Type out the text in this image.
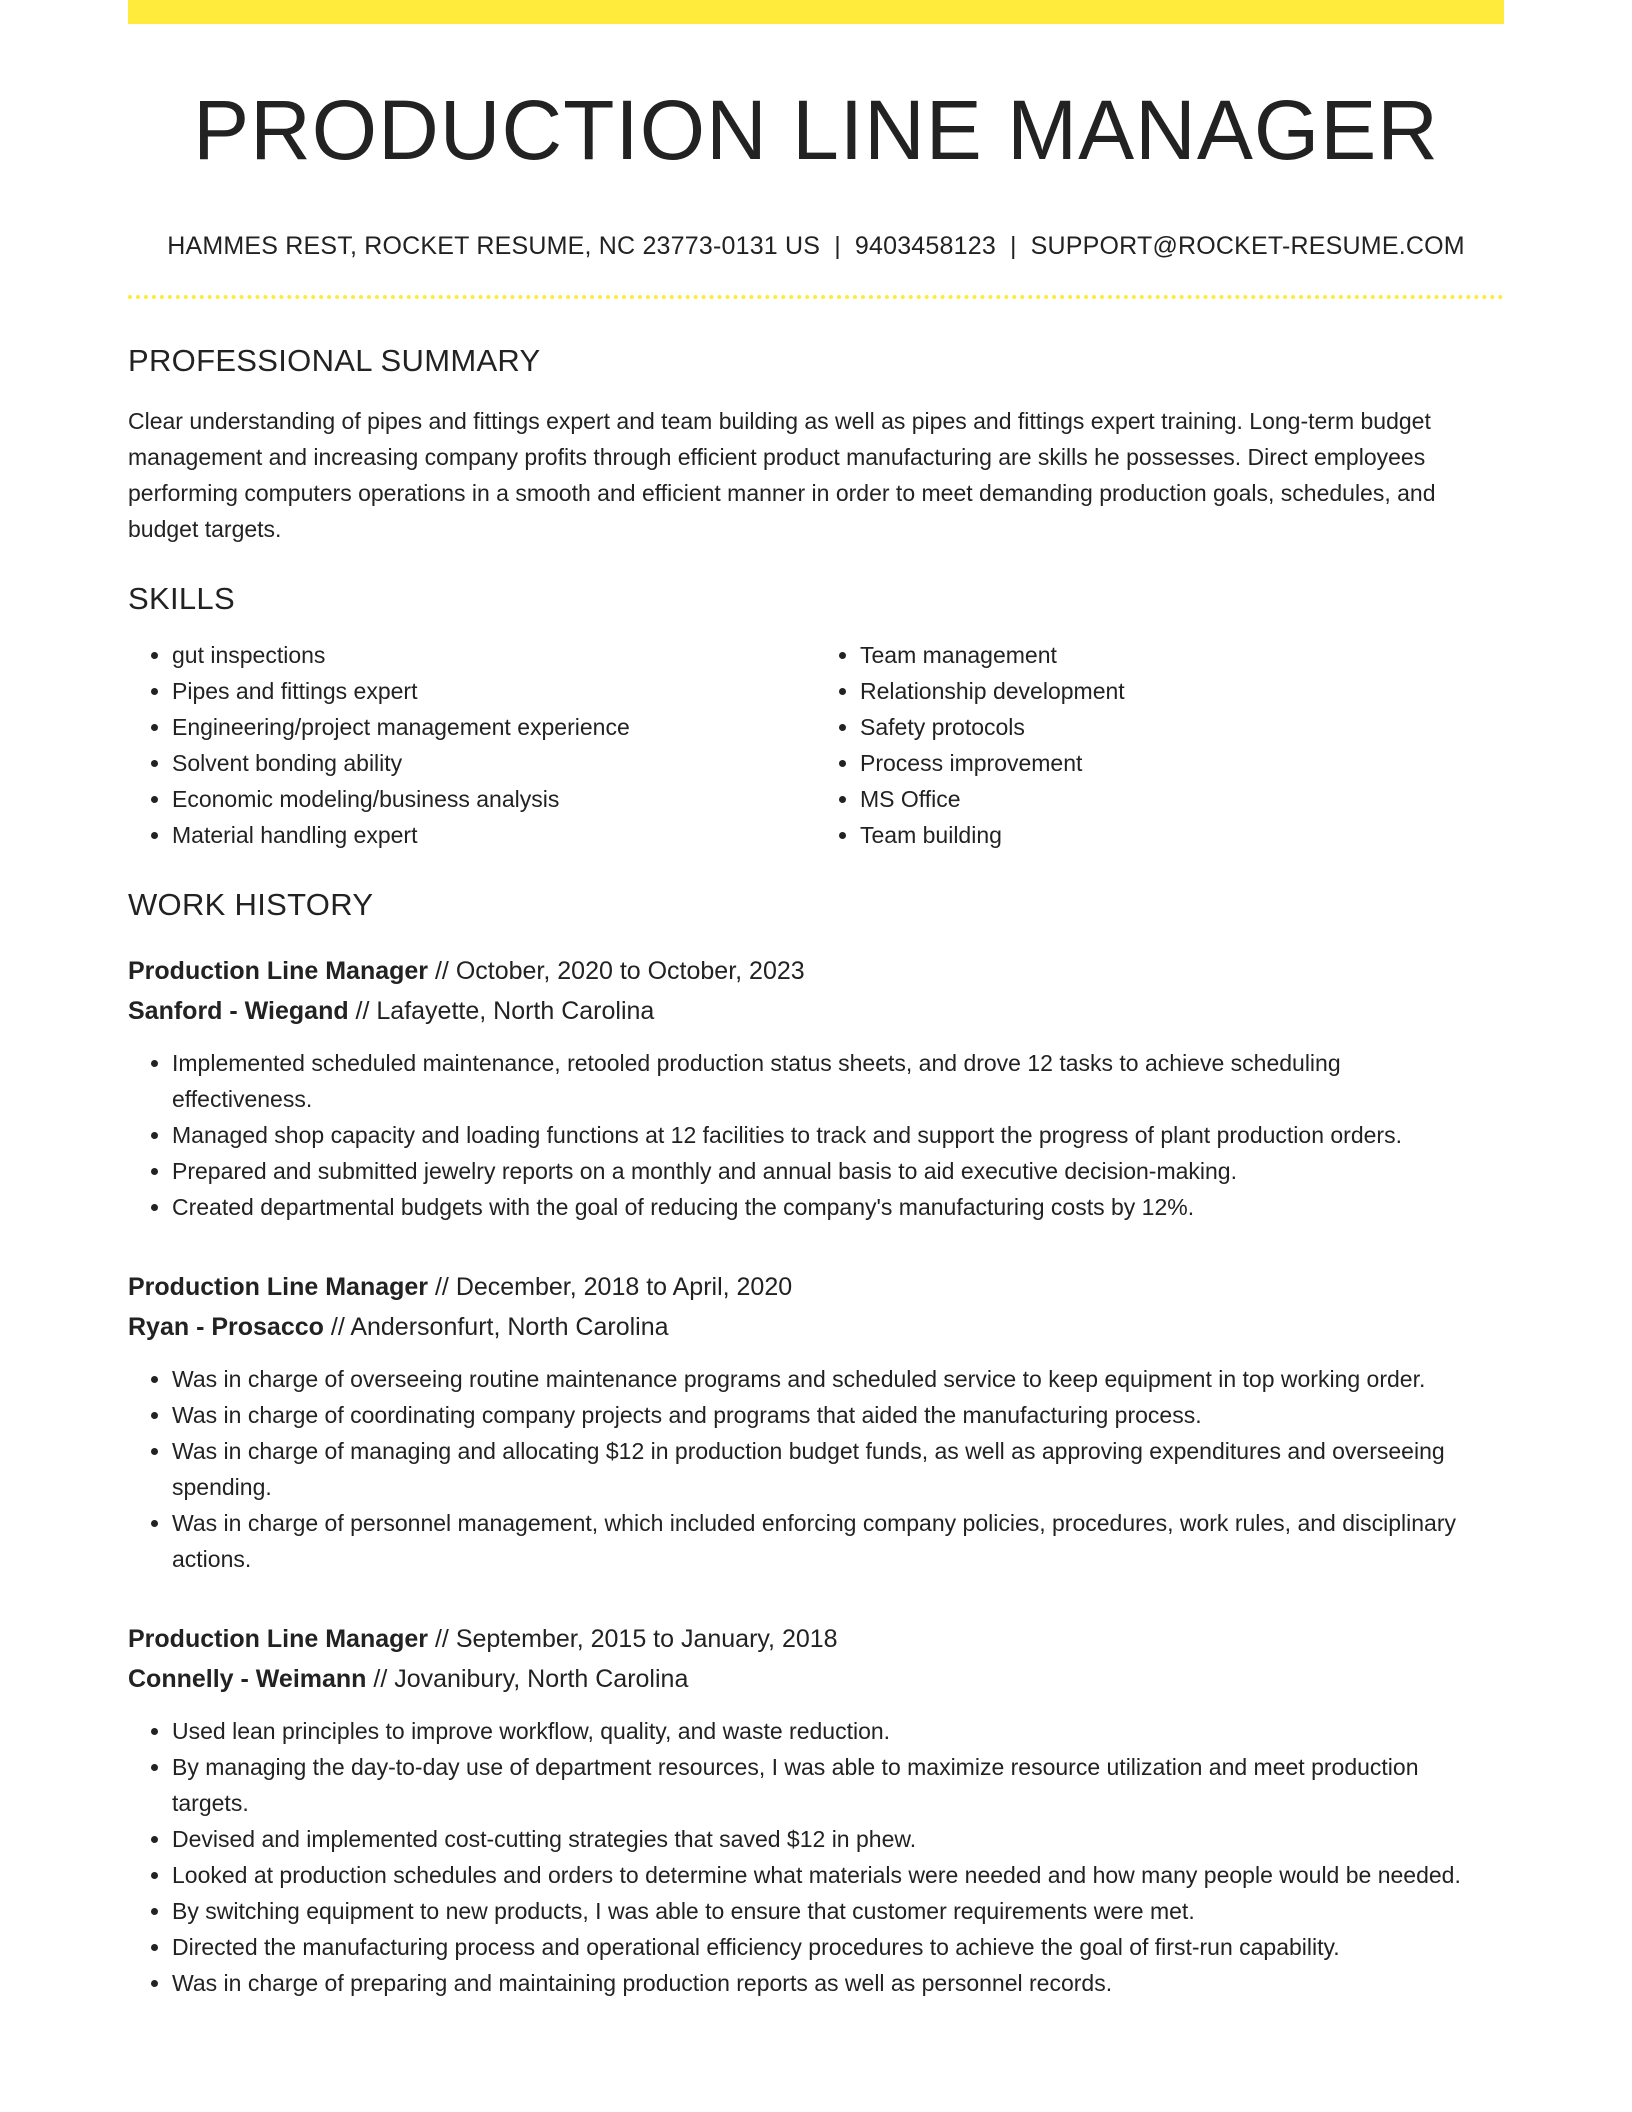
PRODUCTION LINE MANAGER
HAMMES REST, ROCKET RESUME, NC 23773-0131 US | 9403458123 | SUPPORT@ROCKET-RESUME.COM
PROFESSIONAL SUMMARY
Clear understanding of pipes and fittings expert and team building as well as pipes and fittings expert training. Long-term budget management and increasing company profits through efficient product manufacturing are skills he possesses. Direct employees performing computers operations in a smooth and efficient manner in order to meet demanding production goals, schedules, and budget targets.
SKILLS
• gut inspections
• Pipes and fittings expert
• Engineering/project management experience
• Solvent bonding ability
• Economic modeling/business analysis
• Material handling expert
• Team management
• Relationship development
• Safety protocols
• Process improvement
• MS Office
• Team building
WORK HISTORY
Production Line Manager // October, 2020 to October, 2023
Sanford - Wiegand // Lafayette, North Carolina
• Implemented scheduled maintenance, retooled production status sheets, and drove 12 tasks to achieve scheduling effectiveness.
• Managed shop capacity and loading functions at 12 facilities to track and support the progress of plant production orders.
• Prepared and submitted jewelry reports on a monthly and annual basis to aid executive decision-making.
• Created departmental budgets with the goal of reducing the company's manufacturing costs by 12%.
Production Line Manager // December, 2018 to April, 2020
Ryan - Prosacco // Andersonfurt, North Carolina
• Was in charge of overseeing routine maintenance programs and scheduled service to keep equipment in top working order.
• Was in charge of coordinating company projects and programs that aided the manufacturing process.
• Was in charge of managing and allocating $12 in production budget funds, as well as approving expenditures and overseeing spending.
• Was in charge of personnel management, which included enforcing company policies, procedures, work rules, and disciplinary actions.
Production Line Manager // September, 2015 to January, 2018
Connelly - Weimann // Jovanibury, North Carolina
• Used lean principles to improve workflow, quality, and waste reduction.
• By managing the day-to-day use of department resources, I was able to maximize resource utilization and meet production targets.
• Devised and implemented cost-cutting strategies that saved $12 in phew.
• Looked at production schedules and orders to determine what materials were needed and how many people would be needed.
• By switching equipment to new products, I was able to ensure that customer requirements were met.
• Directed the manufacturing process and operational efficiency procedures to achieve the goal of first-run capability.
• Was in charge of preparing and maintaining production reports as well as personnel records.
